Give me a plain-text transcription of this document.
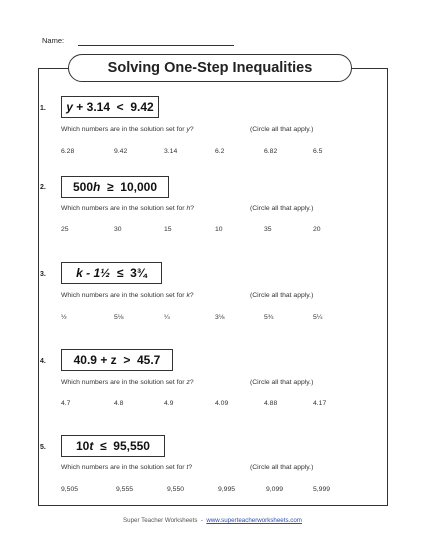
Name:
Solving One-Step Inequalities
1. y + 3.14  <  9.42
Which numbers are in the solution set for y?	(Circle all that apply.)
6.28	9.42	3.14	6.2	6.82	6.5
2. 500 h ≥  10,000
Which numbers are in the solution set for h?	(Circle all that apply.)
25	30	15	10	35	20
3.	k - 1½ ≤  3¾
Which numbers are in the solution set for k?	(Circle all that apply.)
½	5⅛	¼	3⅛	5¾	5¼
4. 40.9 + z  >  45.7
Which numbers are in the solution set for z?	(Circle all that apply.)
4.7	4.8	4.9	4.09	4.88	4.17
5.	10 t ≤  95,550
Which numbers are in the solution set for t?	(Circle all that apply.)
9,505	9,555	9,550	9,995	9,099	5,999
Super Teacher Worksheets  -  www.superteacherworksheets.com
